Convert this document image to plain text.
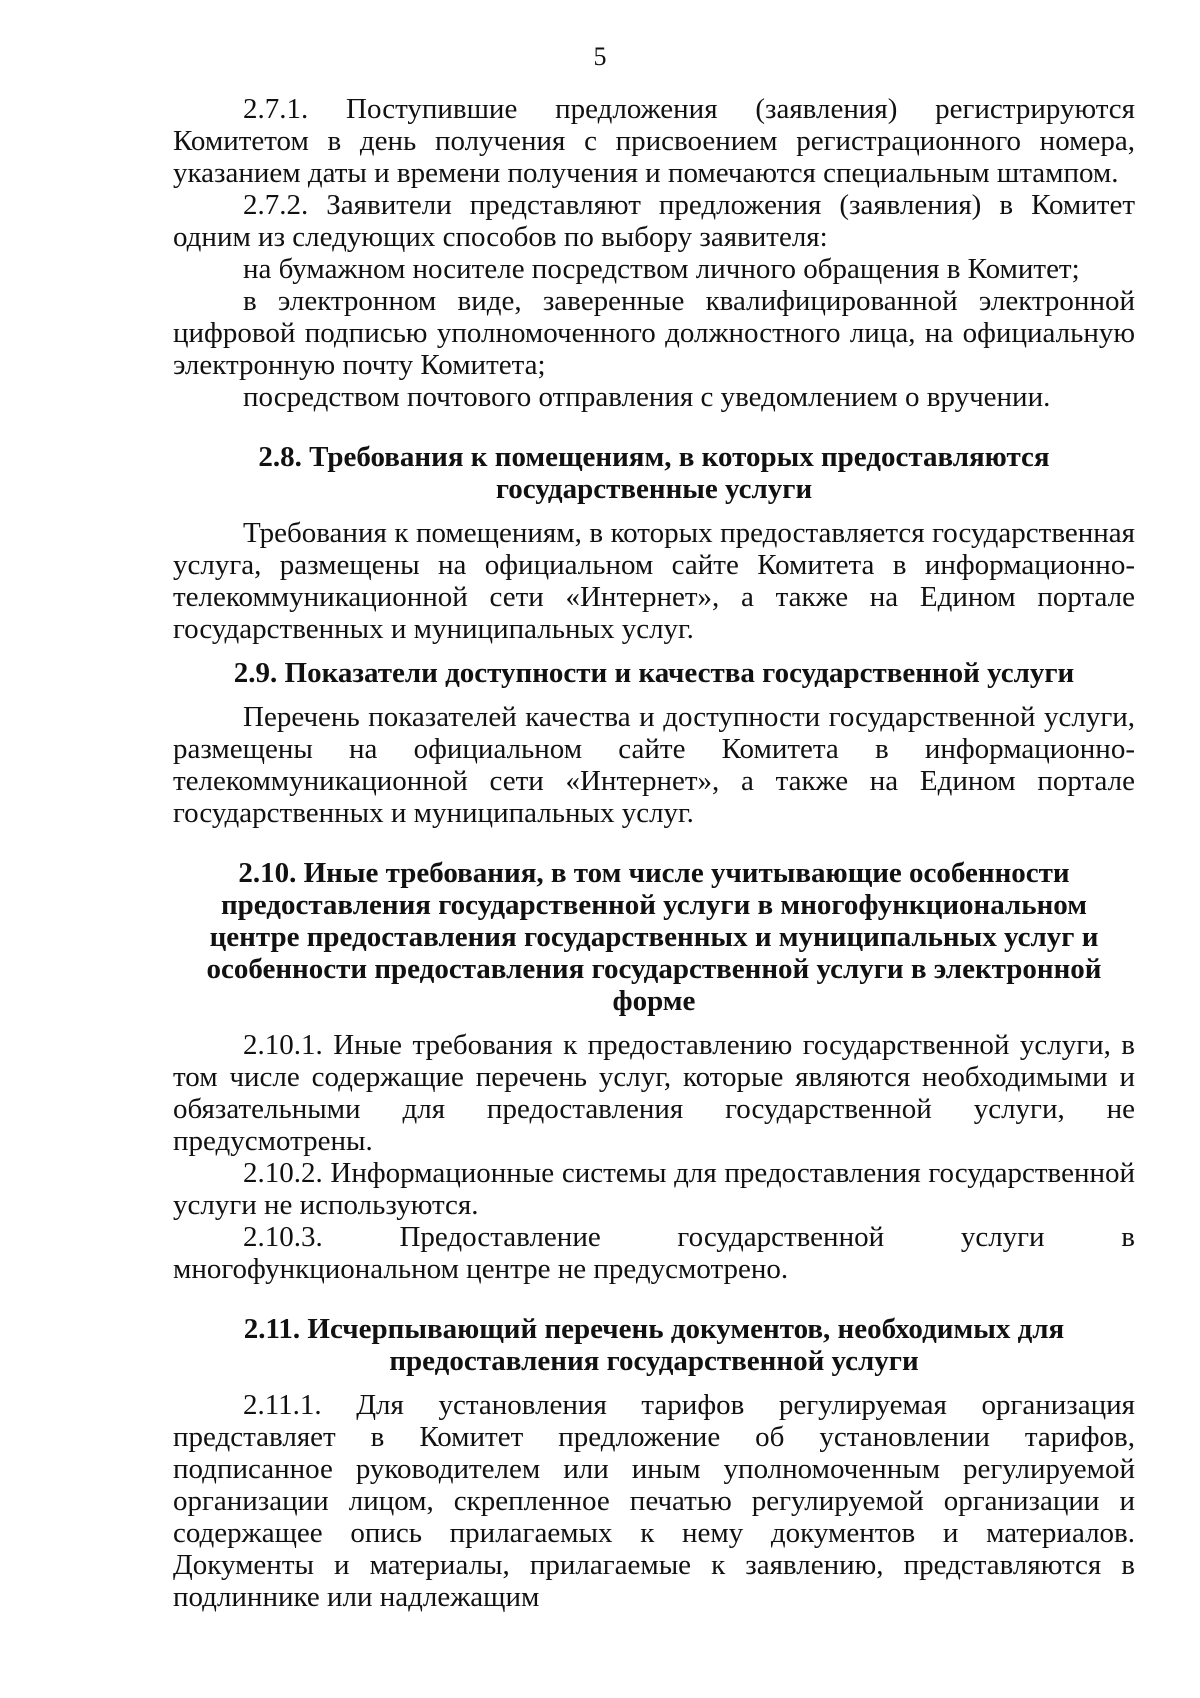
5

2.7.1. Поступившие предложения (заявления) регистрируются Комитетом в день получения с присвоением регистрационного номера, указанием даты и времени получения и помечаются специальным штампом.

2.7.2. Заявители представляют предложения (заявления) в Комитет одним из следующих способов по выбору заявителя:

на бумажном носителе посредством личного обращения в Комитет;

в электронном виде, заверенные квалифицированной электронной цифровой подписью уполномоченного должностного лица, на официальную электронную почту Комитета;

посредством почтового отправления с уведомлением о вручении.

2.8. Требования к помещениям, в которых предоставляются государственные услуги

Требования к помещениям, в которых предоставляется государственная услуга, размещены на официальном сайте Комитета в информационно-телекоммуникационной сети «Интернет», а также на Едином портале государственных и муниципальных услуг.

2.9. Показатели доступности и качества государственной услуги

Перечень показателей качества и доступности государственной услуги, размещены на официальном сайте Комитета в информационно-телекоммуникационной сети «Интернет», а также на Едином портале государственных и муниципальных услуг.

2.10. Иные требования, в том числе учитывающие особенности предоставления государственной услуги в многофункциональном центре предоставления государственных и муниципальных услуг и особенности предоставления государственной услуги в электронной форме

2.10.1. Иные требования к предоставлению государственной услуги, в том числе содержащие перечень услуг, которые являются необходимыми и обязательными для предоставления государственной услуги, не предусмотрены.

2.10.2. Информационные системы для предоставления государственной услуги не используются.

2.10.3. Предоставление государственной услуги в многофункциональном центре не предусмотрено.

2.11. Исчерпывающий перечень документов, необходимых для предоставления государственной услуги

2.11.1. Для установления тарифов регулируемая организация представляет в Комитет предложение об установлении тарифов, подписанное руководителем или иным уполномоченным регулируемой организации лицом, скрепленное печатью регулируемой организации и содержащее опись прилагаемых к нему документов и материалов. Документы и материалы, прилагаемые к заявлению, представляются в подлиннике или надлежащим
